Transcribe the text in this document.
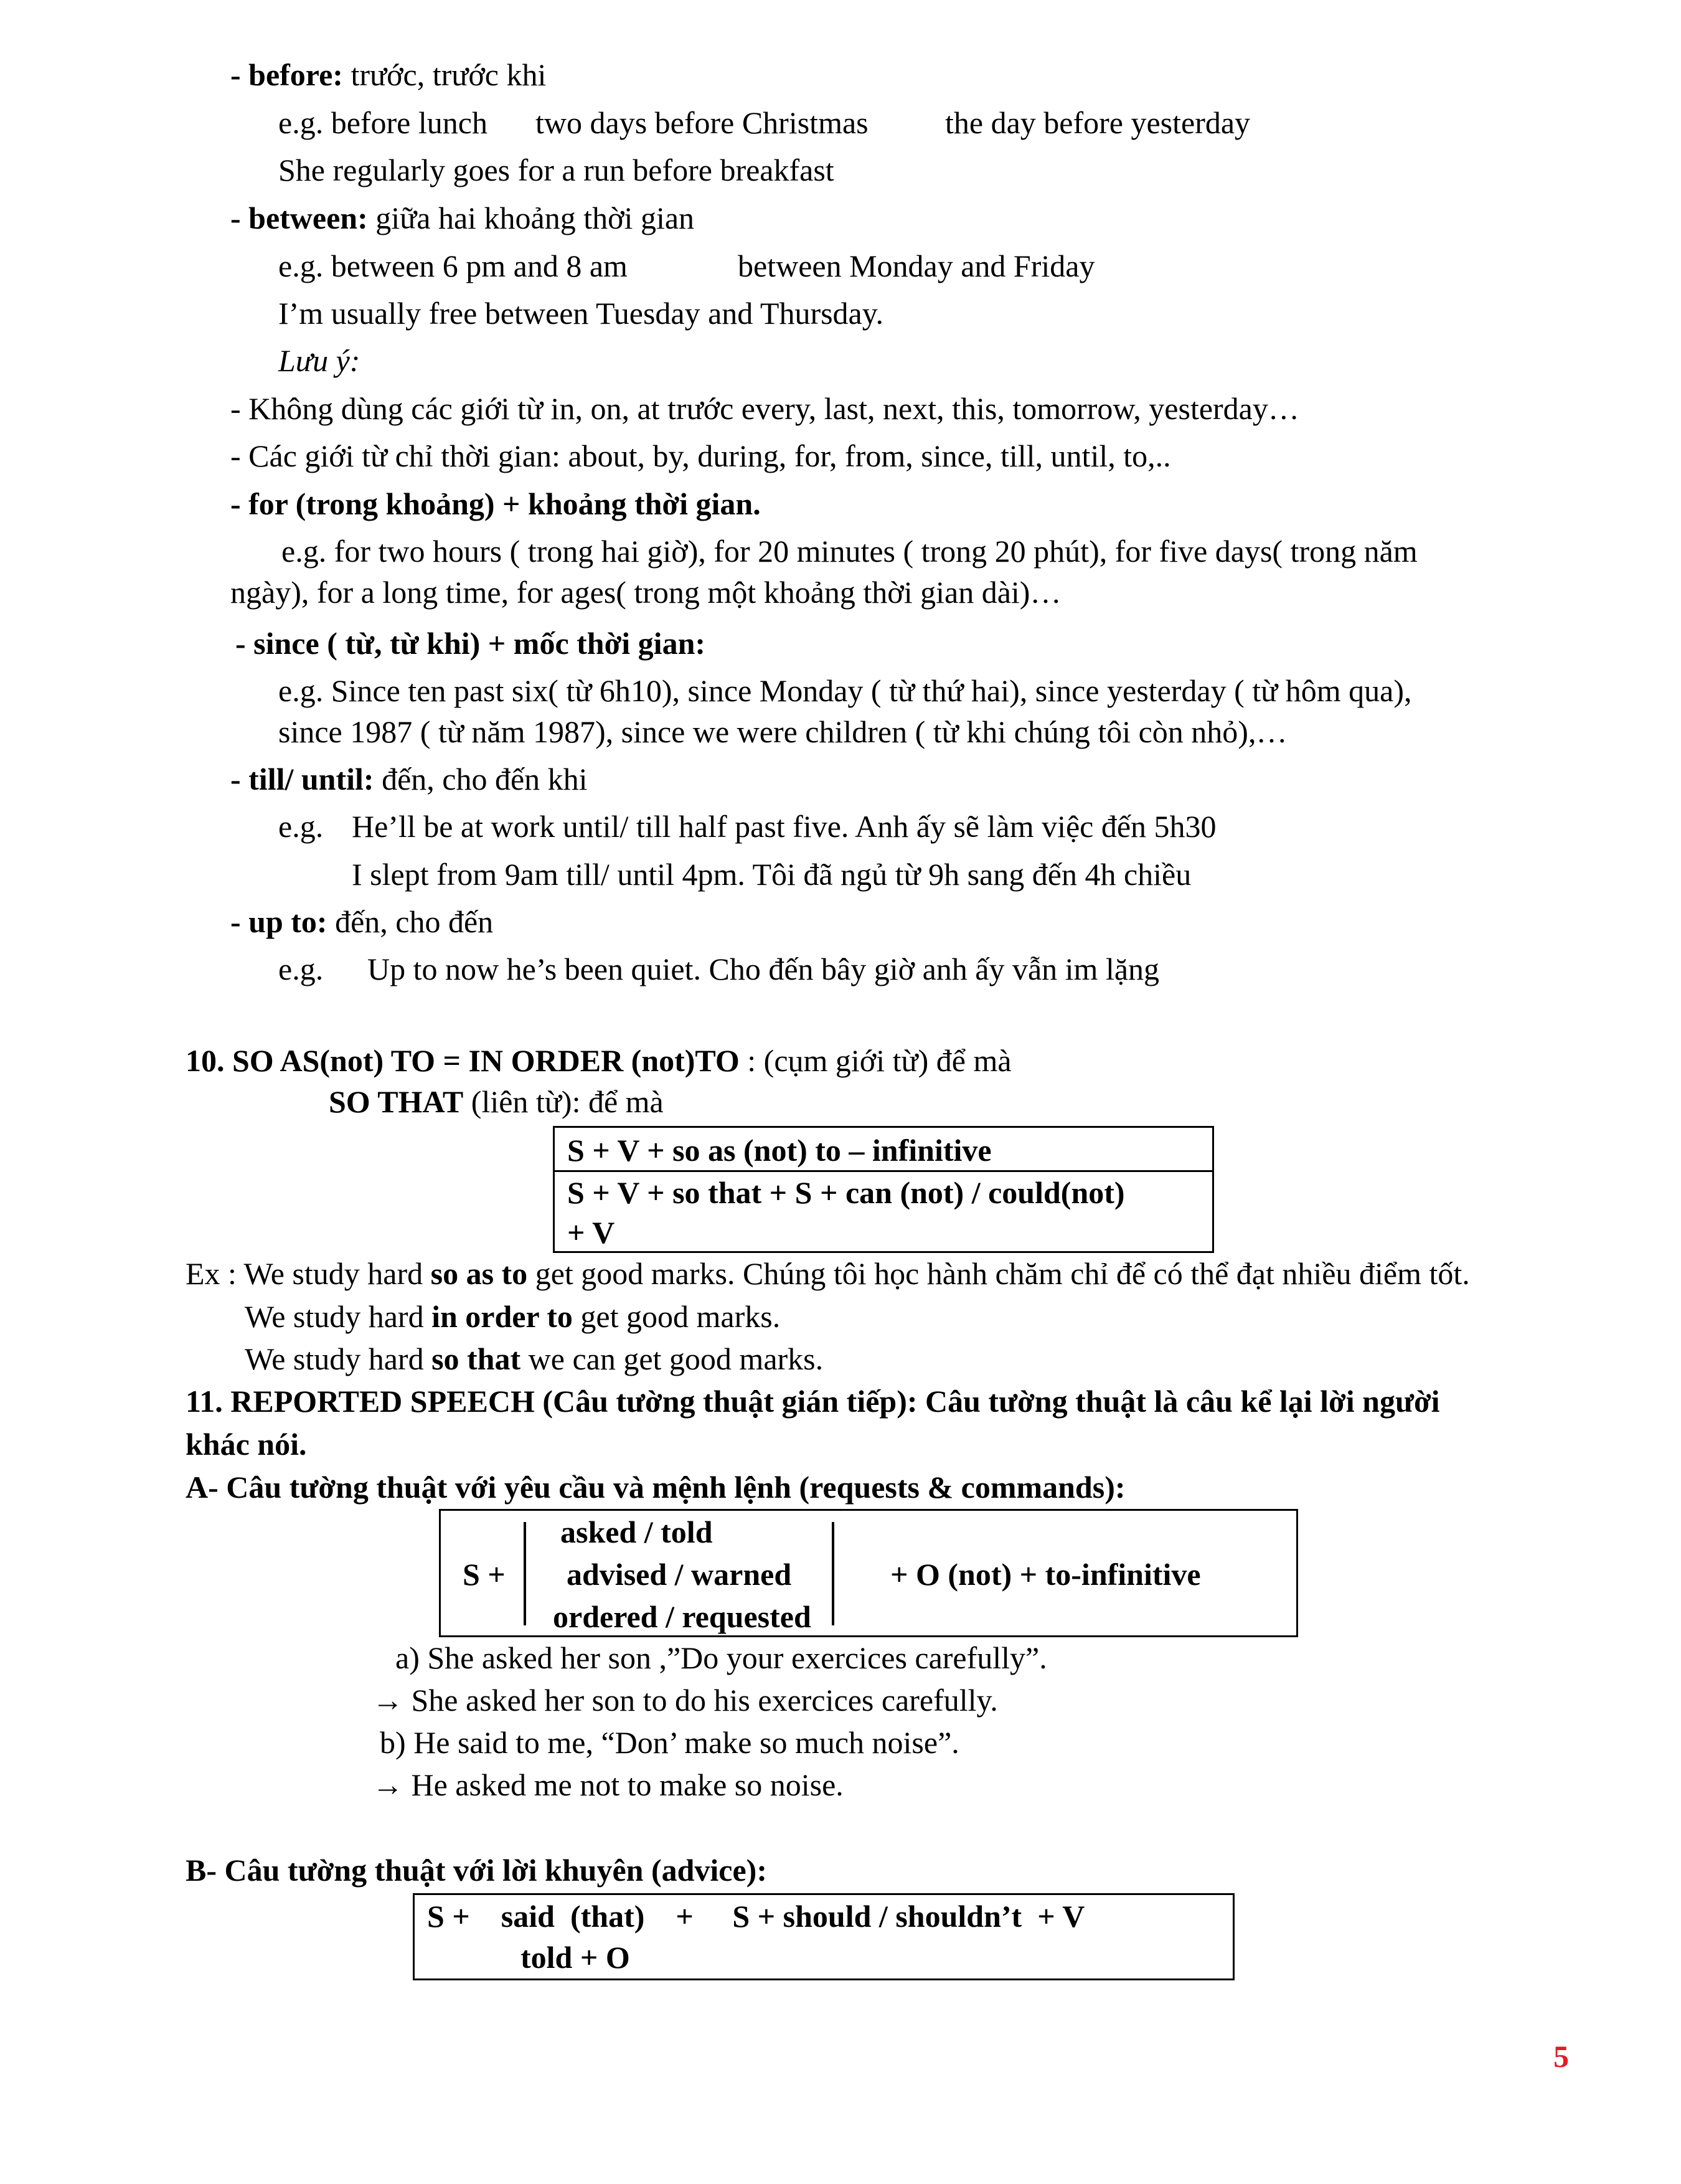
- before: trước, trước khi
e.g. before lunch two days before Christmas the day before yesterday
She regularly goes for a run before breakfast
- between: giữa hai khoảng thời gian
e.g. between 6 pm and 8 am	between Monday and Friday
I’m usually free between Tuesday and Thursday.
Lưu ý:
- Không dùng các giới từ in, on, at trước every, last, next, this, tomorrow, yesterday…
- Các giới từ chỉ thời gian: about, by, during, for, from, since, till, until, to,..
- for (trong khoảng) + khoảng thời gian.
e.g. for two hours ( trong hai giờ), for 20 minutes ( trong 20 phút), for five days( trong năm
ngày), for a long time, for ages( trong một khoảng thời gian dài)…
- since ( từ, từ khi) + mốc thời gian:
e.g. Since ten past six( từ 6h10), since Monday ( từ thứ hai), since yesterday ( từ hôm qua),
since 1987 ( từ năm 1987), since we were children ( từ khi chúng tôi còn nhỏ),…
- till/ until: đến, cho đến khi
e.g. He’ll be at work until/ till half past five. Anh ấy sẽ làm việc đến 5h30
I slept from 9am till/ until 4pm. Tôi đã ngủ từ 9h sang đến 4h chiều
- up to: đến, cho đến
e.g. Up to now he’s been quiet. Cho đến bây giờ anh ấy vẫn im lặng
10. SO AS(not) TO = IN ORDER (not)TO : (cụm giới từ) để mà
SO THAT (liên từ): để mà
S + V + so as (not) to – infinitive
S + V + so that + S + can (not) / could(not)
+ V
Ex : We study hard so as to get good marks. Chúng tôi học hành chăm chỉ để có thể đạt nhiều điểm tốt.
We study hard in order to get good marks.
We study hard so that we can get good marks.
11. REPORTED SPEECH (Câu tường thuật gián tiếp): Câu tường thuật là câu kể lại lời người
khác nói.
A- Câu tường thuật với yêu cầu và mệnh lệnh (requests & commands):
S +
asked / told
advised / warned
ordered / requested
+ O (not) + to-infinitive
a) She asked her son ,”Do your exercices carefully”.
→ She asked her son to do his exercices carefully.
b) He said to me, “Don’ make so much noise”.
→ He asked me not to make so noise.
B- Câu tường thuật với lời khuyên (advice):
S +    said  (that)    +     S + should / shouldn’t  + V
told + O
5
